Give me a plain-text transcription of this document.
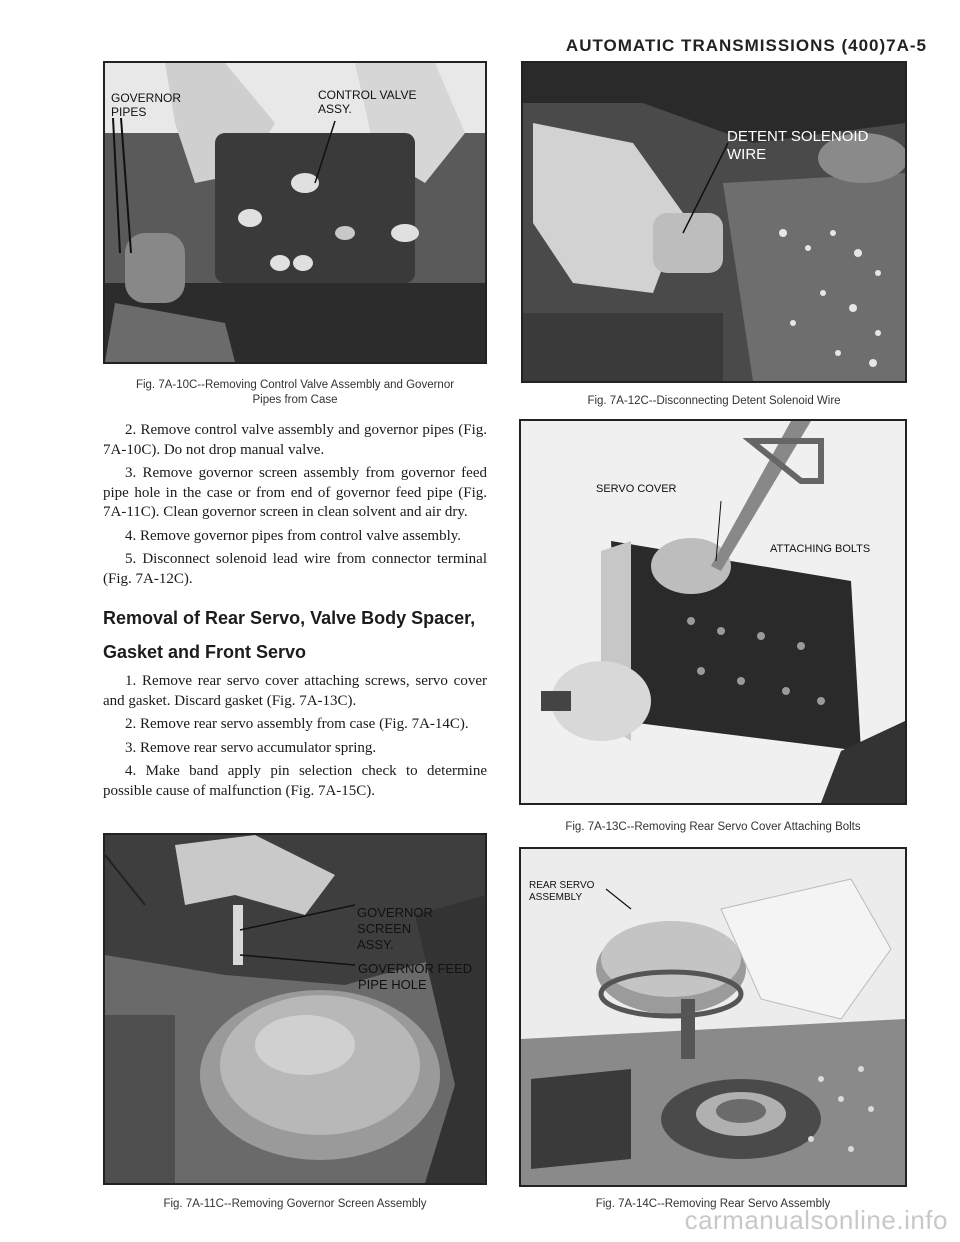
AUTOMATIC TRANSMISSIONS (400)7A-5
GOVERNOR
PIPES
CONTROL VALVE
ASSY.
Fig. 7A-10C--Removing Control Valve Assembly and Governor
Pipes from Case

2. Remove control valve assembly and governor pipes (Fig. 7A-10C). Do not drop manual valve.

3. Remove governor screen assembly from governor feed pipe hole in the case or from end of governor feed pipe (Fig. 7A-11C). Clean governor screen in clean solvent and air dry.

4. Remove governor pipes from control valve assembly.

5. Disconnect solenoid lead wire from connector terminal (Fig. 7A-12C).

Removal of Rear Servo, Valve Body Spacer,
Gasket and Front Servo

1. Remove rear servo cover attaching screws, servo cover and gasket. Discard gasket (Fig. 7A-13C).

2. Remove rear servo assembly from case (Fig. 7A-14C).

3. Remove rear servo accumulator spring.

4. Make band apply pin selection check to determine possible cause of malfunction (Fig. 7A-15C).

GOVERNOR SCREEN
ASSY.
GOVERNOR FEED
PIPE HOLE
Fig. 7A-11C--Removing Governor Screen Assembly
DETENT SOLENOID
WIRE
Fig. 7A-12C--Disconnecting Detent Solenoid Wire
SERVO COVER
ATTACHING BOLTS
Fig. 7A-13C--Removing Rear Servo Cover Attaching Bolts
REAR SERVO
ASSEMBLY
Fig. 7A-14C--Removing Rear Servo Assembly
carmanualsonline.info
